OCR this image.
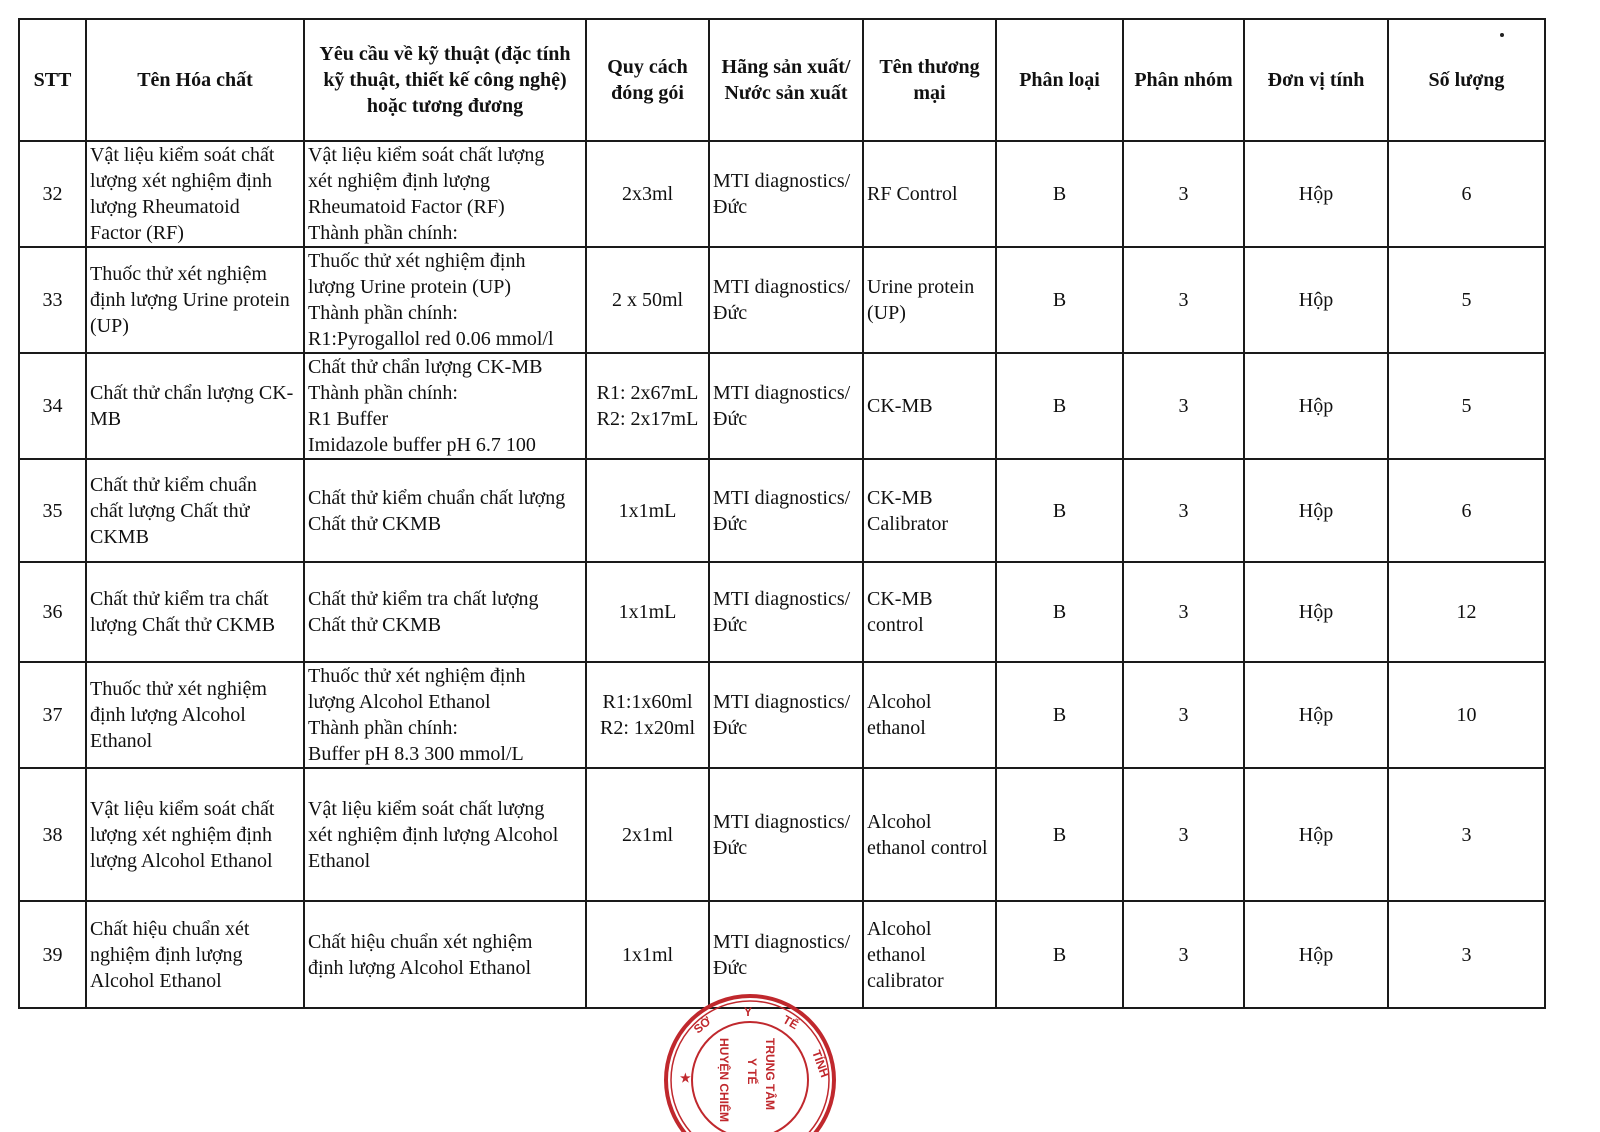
STT	Tên Hóa chất	Yêu cầu về kỹ thuật (đặc tính kỹ thuật, thiết kế công nghệ) hoặc tương đương	Quy cách đóng gói	Hãng sản xuất/ Nước sản xuất	Tên thương mại	Phân loại	Phân nhóm	Đơn vị tính	Số lượng
32	Vật liệu kiểm soát chất
lượng xét nghiệm định
lượng Rheumatoid
Factor (RF)	Vật liệu kiểm soát chất lượng
xét nghiệm định lượng
Rheumatoid Factor (RF)
Thành phần chính:	2x3ml	MTI diagnostics/
Đức	RF Control	B	3	Hộp	6
33	Thuốc thử xét nghiệm
định lượng Urine protein
(UP)	Thuốc thử xét nghiệm định
lượng Urine protein (UP)
Thành phần chính:
R1:Pyrogallol red 0.06 mmol/l	2 x 50ml	MTI diagnostics/
Đức	Urine protein
(UP)	B	3	Hộp	5
34	Chất thử chẩn lượng CK-
MB	Chất thử chẩn lượng CK-MB
Thành phần chính:
R1 Buffer
Imidazole buffer pH 6.7 100	R1: 2x67mL
R2: 2x17mL	MTI diagnostics/
Đức	CK-MB	B	3	Hộp	5
35	Chất thử kiểm chuẩn
chất lượng Chất thử
CKMB	Chất thử kiểm chuẩn chất lượng
Chất thử CKMB	1x1mL	MTI diagnostics/
Đức	CK-MB
Calibrator	B	3	Hộp	6
36	Chất thử kiểm tra chất
lượng Chất thử CKMB	Chất thử kiểm tra chất lượng
Chất thử CKMB	1x1mL	MTI diagnostics/
Đức	CK-MB
control	B	3	Hộp	12
37	Thuốc thử xét nghiệm
định lượng Alcohol
Ethanol	Thuốc thử xét nghiệm định
lượng Alcohol Ethanol
Thành phần chính:
Buffer pH 8.3 300 mmol/L	R1:1x60ml
R2: 1x20ml	MTI diagnostics/
Đức	Alcohol
ethanol	B	3	Hộp	10
38	Vật liệu kiểm soát chất
lượng xét nghiệm định
lượng Alcohol Ethanol	Vật liệu kiểm soát chất lượng
xét nghiệm định lượng Alcohol
Ethanol	2x1ml	MTI diagnostics/
Đức	Alcohol
ethanol control	B	3	Hộp	3
39	Chất hiệu chuẩn xét
nghiệm định lượng
Alcohol Ethanol	Chất hiệu chuẩn xét nghiệm
định lượng Alcohol Ethanol	1x1ml	MTI diagnostics/
Đức	Alcohol
ethanol
calibrator	B	3	Hộp	3
SỞ
Y
TẾ
TỈNH
★	TRUNG TÂM
Y TẾ
HUYỆN CHIÊM
